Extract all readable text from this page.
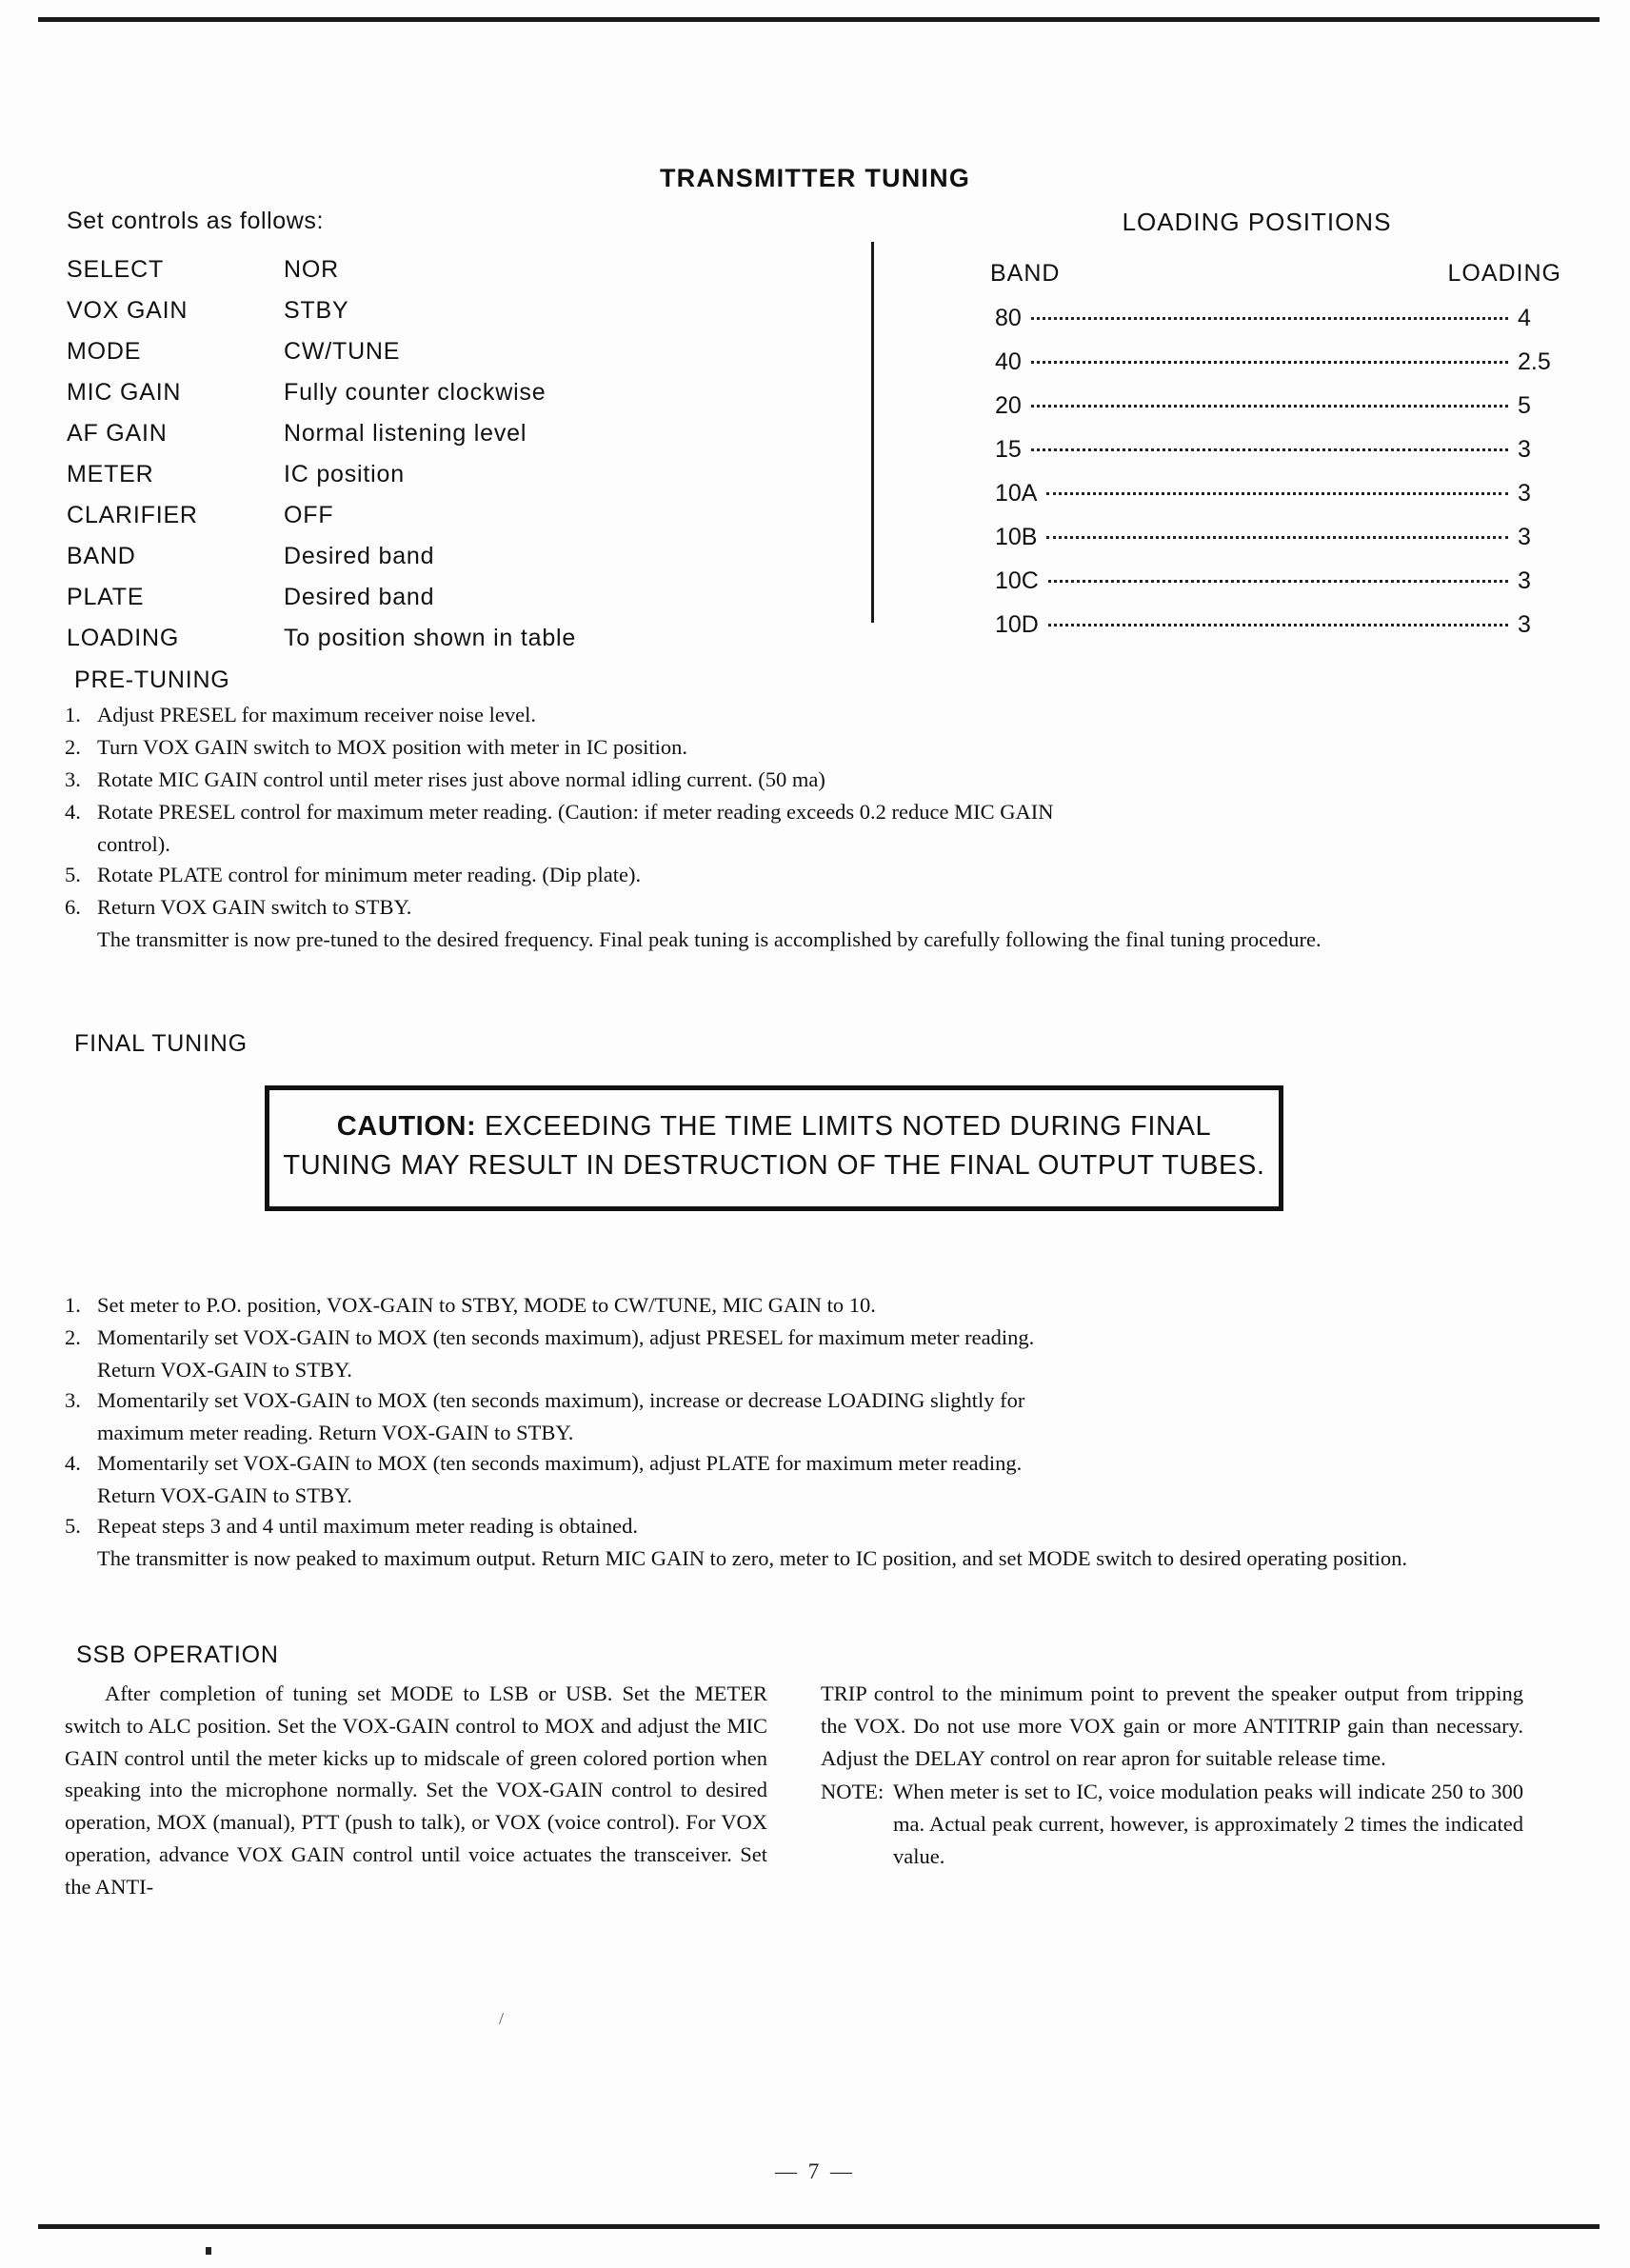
TRANSMITTER TUNING
Set controls as follows:
SELECT	NOR
VOX GAIN	STBY
MODE	CW/TUNE
MIC GAIN	Fully counter clockwise
AF GAIN	Normal listening level
METER	IC position
CLARIFIER	OFF
BAND	Desired band
PLATE	Desired band
LOADING	To position shown in table
LOADING POSITIONS
BAND	LOADING
80	4
40	2.5
20	5
15	3
10A	3
10B	3
10C	3
10D	3
PRE-TUNING
1. Adjust PRESEL for maximum receiver noise level.
2. Turn VOX GAIN switch to MOX position with meter in IC position.
3. Rotate MIC GAIN control until meter rises just above normal idling current. (50 ma)
4. Rotate PRESEL control for maximum meter reading. (Caution: if meter reading exceeds 0.2 reduce MIC GAIN
control).
5. Rotate PLATE control for minimum meter reading. (Dip plate).
6. Return VOX GAIN switch to STBY.
The transmitter is now pre-tuned to the desired frequency. Final peak tuning is accomplished by carefully following the final tuning procedure.
FINAL TUNING
CAUTION: EXCEEDING THE TIME LIMITS NOTED DURING FINAL TUNING MAY RESULT IN DESTRUCTION OF THE FINAL OUTPUT TUBES.
1. Set meter to P.O. position, VOX-GAIN to STBY, MODE to CW/TUNE, MIC GAIN to 10.
2. Momentarily set VOX-GAIN to MOX (ten seconds maximum), adjust PRESEL for maximum meter reading.
Return VOX-GAIN to STBY.
3. Momentarily set VOX-GAIN to MOX (ten seconds maximum), increase or decrease LOADING slightly for
maximum meter reading. Return VOX-GAIN to STBY.
4. Momentarily set VOX-GAIN to MOX (ten seconds maximum), adjust PLATE for maximum meter reading.
Return VOX-GAIN to STBY.
5. Repeat steps 3 and 4 until maximum meter reading is obtained.
The transmitter is now peaked to maximum output. Return MIC GAIN to zero, meter to IC position, and set MODE switch to desired operating position.
SSB OPERATION

After completion of tuning set MODE to LSB or USB. Set the METER switch to ALC position. Set the VOX-GAIN control to MOX and adjust the MIC GAIN control until the meter kicks up to midscale of green colored portion when speaking into the microphone normally. Set the VOX-GAIN control to desired operation, MOX (manual), PTT (push to talk), or VOX (voice control). For VOX operation, advance VOX GAIN control until voice actuates the transceiver. Set the ANTI-

TRIP control to the minimum point to prevent the speaker output from tripping the VOX. Do not use more VOX gain or more ANTITRIP gain than necessary. Adjust the DELAY control on rear apron for suitable release time.

NOTE: When meter is set to IC, voice modulation peaks will indicate 250 to 300 ma. Actual peak current, however, is approximately 2 times the indicated value.
/
— 7 —
